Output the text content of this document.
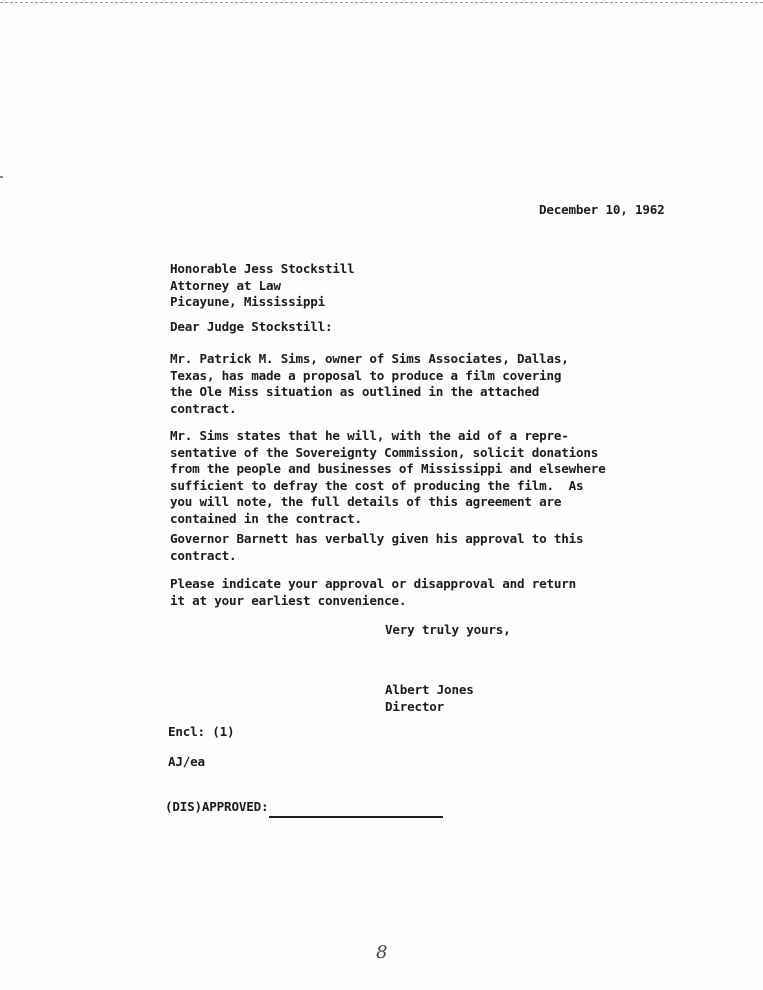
December 10, 1962
Honorable Jess Stockstill
Attorney at Law
Picayune, Mississippi
Dear Judge Stockstill:
Mr. Patrick M. Sims, owner of Sims Associates, Dallas,
Texas, has made a proposal to produce a film covering
the Ole Miss situation as outlined in the attached
contract.
Mr. Sims states that he will, with the aid of a repre-
sentative of the Sovereignty Commission, solicit donations
from the people and businesses of Mississippi and elsewhere
sufficient to defray the cost of producing the film.  As
you will note, the full details of this agreement are
contained in the contract.
Governor Barnett has verbally given his approval to this
contract.
Please indicate your approval or disapproval and return
it at your earliest convenience.
Very truly yours,
Albert Jones
Director
Encl: (1)
AJ/ea
(DIS)APPROVED:
8
